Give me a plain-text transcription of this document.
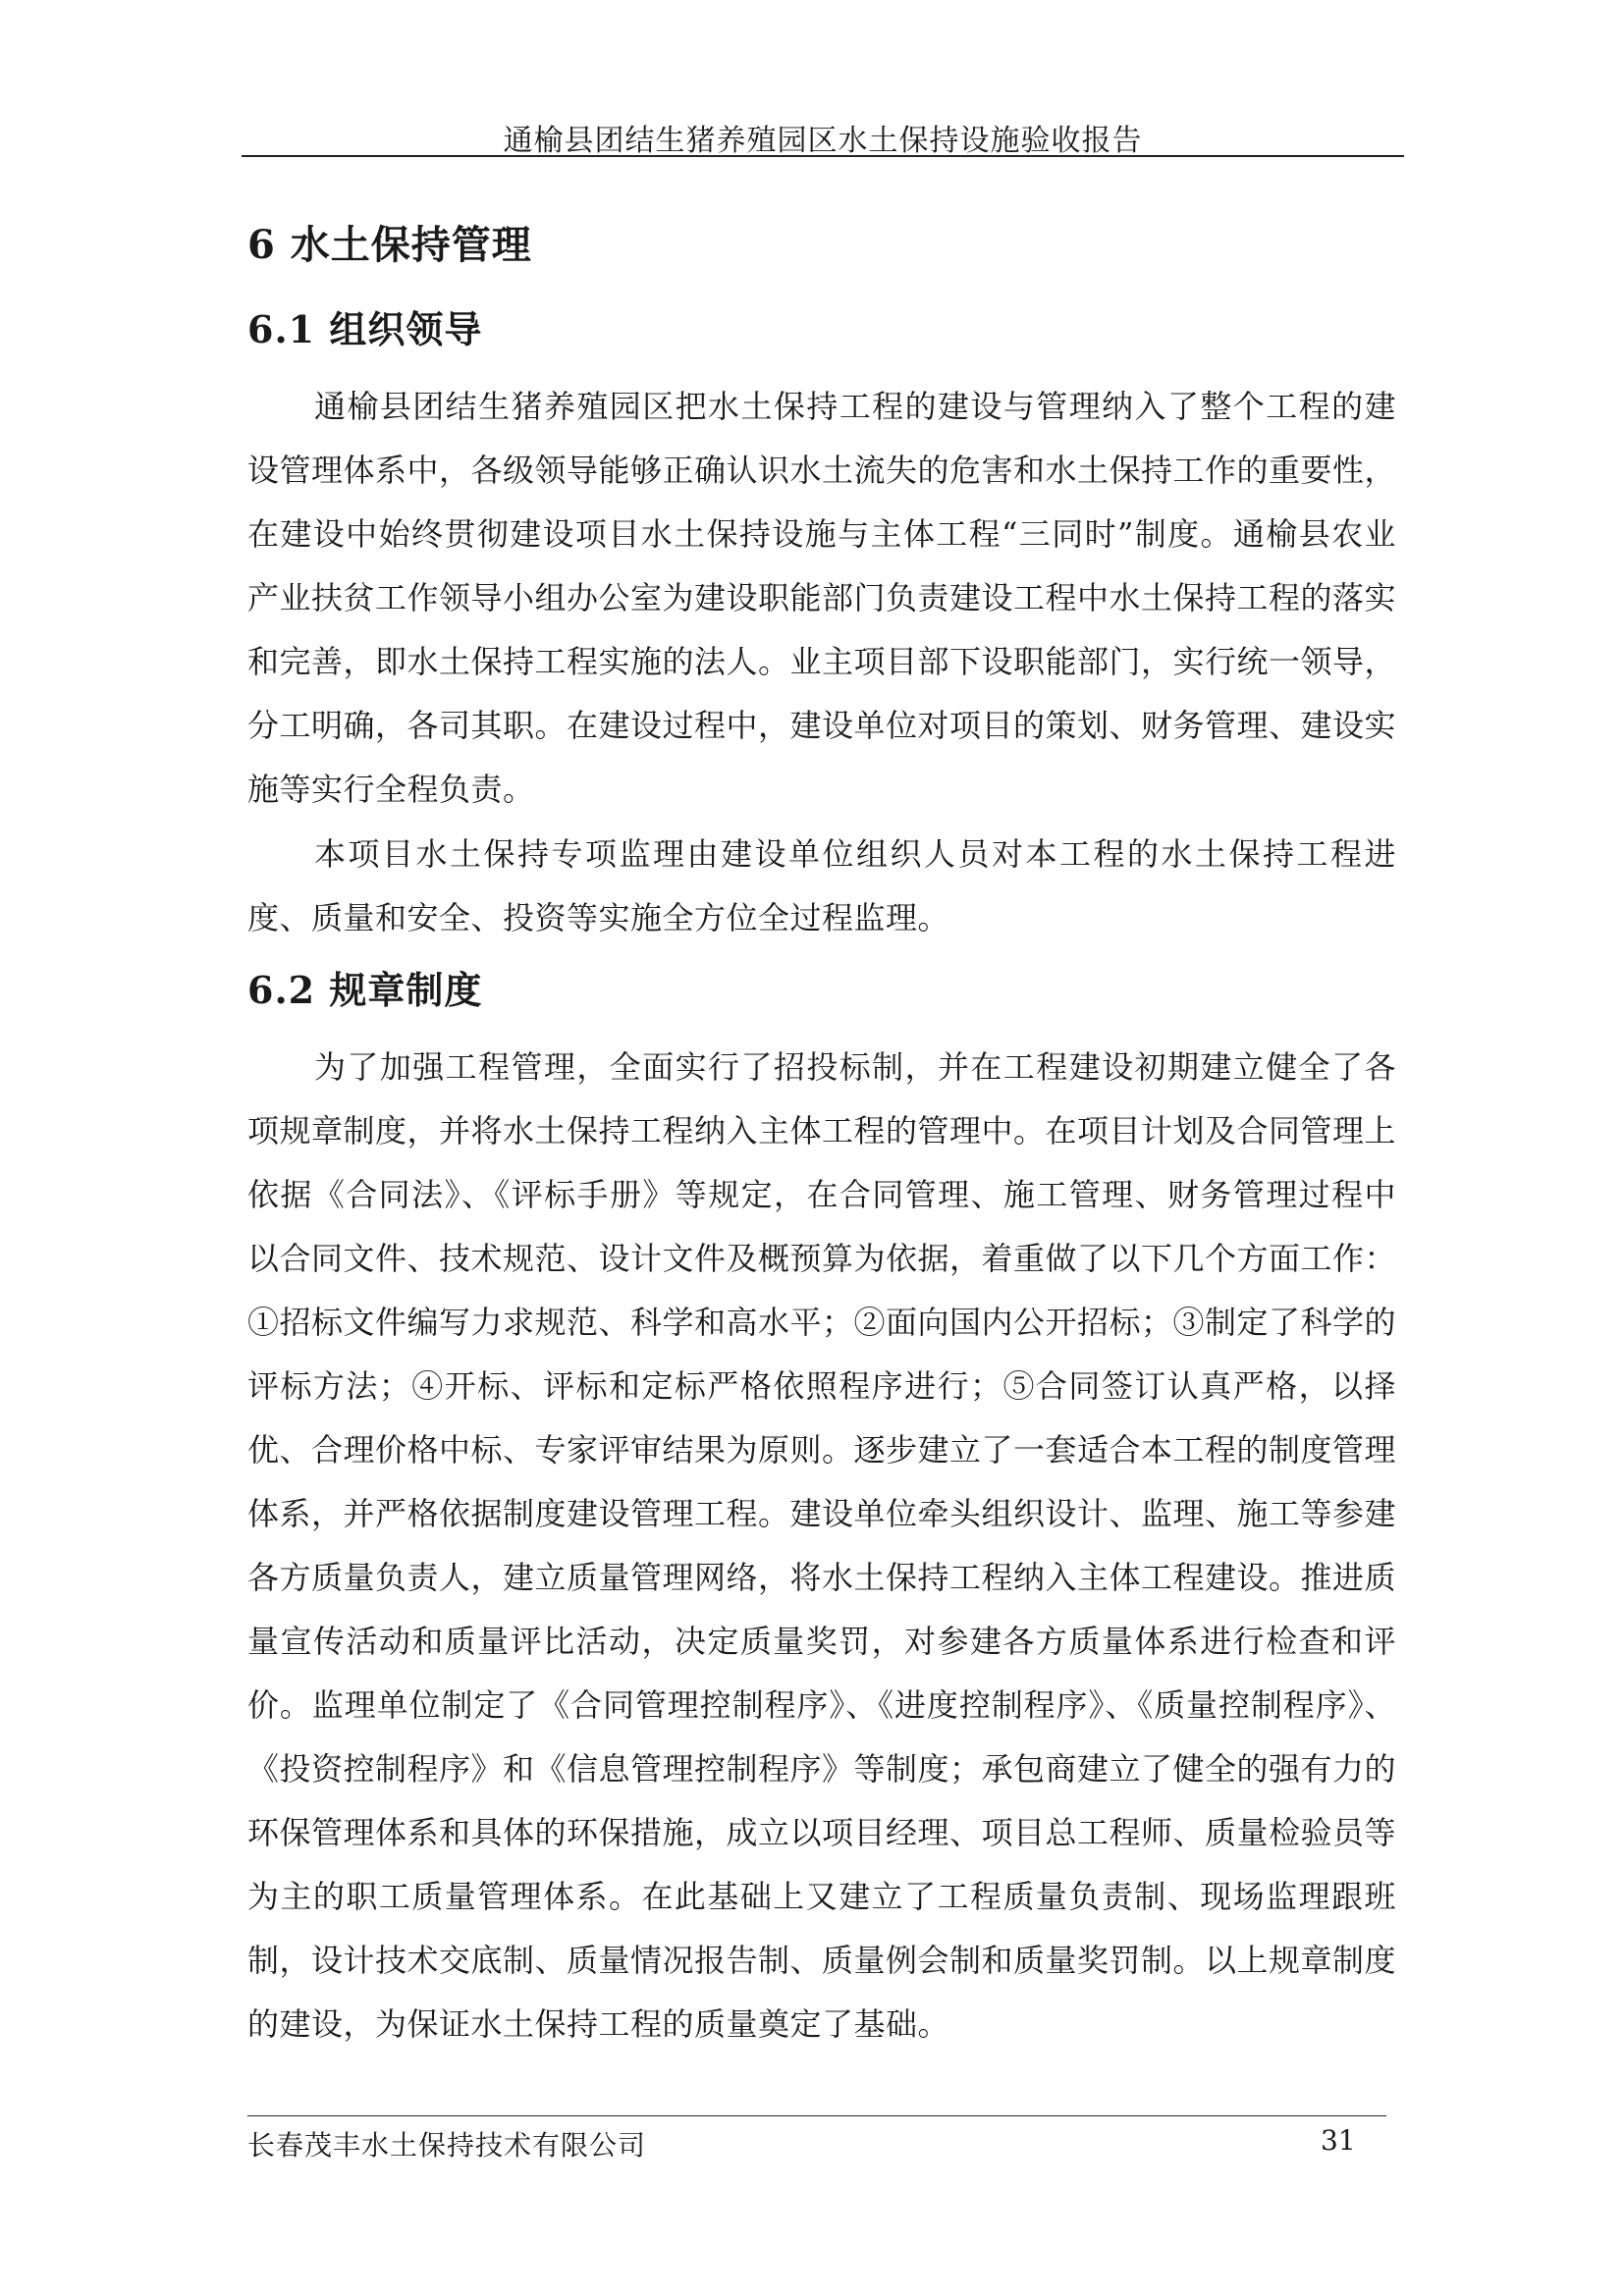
通榆县团结生猪养殖园区水土保持设施验收报告
6 水土保持管理
6.1 组织领导

通榆县团结生猪养殖园区把水土保持工程的建设与管理纳入了整个工程的建设管理体系中，各级领导能够正确认识水土流失的危害和水土保持工作的重要性，在建设中始终贯彻建设项目水土保持设施与主体工程“三同时”制度。通榆县农业产业扶贫工作领导小组办公室为建设职能部门负责建设工程中水土保持工程的落实和完善，即水土保持工程实施的法人。业主项目部下设职能部门，实行统一领导，分工明确，各司其职。在建设过程中，建设单位对项目的策划、财务管理、建设实施等实行全程负责。

本项目水土保持专项监理由建设单位组织人员对本工程的水土保持工程进度、质量和安全、投资等实施全方位全过程监理。

6.2 规章制度

为了加强工程管理，全面实行了招投标制，并在工程建设初期建立健全了各项规章制度，并将水土保持工程纳入主体工程的管理中。在项目计划及合同管理上依据《合同法》、《评标手册》等规定，在合同管理、施工管理、财务管理过程中以合同文件、技术规范、设计文件及概预算为依据，着重做了以下几个方面工作：①招标文件编写力求规范、科学和高水平；②面向国内公开招标；③制定了科学的评标方法；④开标、评标和定标严格依照程序进行；⑤合同签订认真严格，以择优、合理价格中标、专家评审结果为原则。逐步建立了一套适合本工程的制度管理体系，并严格依据制度建设管理工程。建设单位牵头组织设计、监理、施工等参建各方质量负责人，建立质量管理网络，将水土保持工程纳入主体工程建设。推进质量宣传活动和质量评比活动，决定质量奖罚，对参建各方质量体系进行检查和评价。监理单位制定了《合同管理控制程序》、《进度控制程序》、《质量控制程序》、《投资控制程序》和《信息管理控制程序》等制度；承包商建立了健全的强有力的环保管理体系和具体的环保措施，成立以项目经理、项目总工程师、质量检验员等为主的职工质量管理体系。在此基础上又建立了工程质量负责制、现场监理跟班制，设计技术交底制、质量情况报告制、质量例会制和质量奖罚制。以上规章制度的建设，为保证水土保持工程的质量奠定了基础。

长春茂丰水土保持技术有限公司	31
